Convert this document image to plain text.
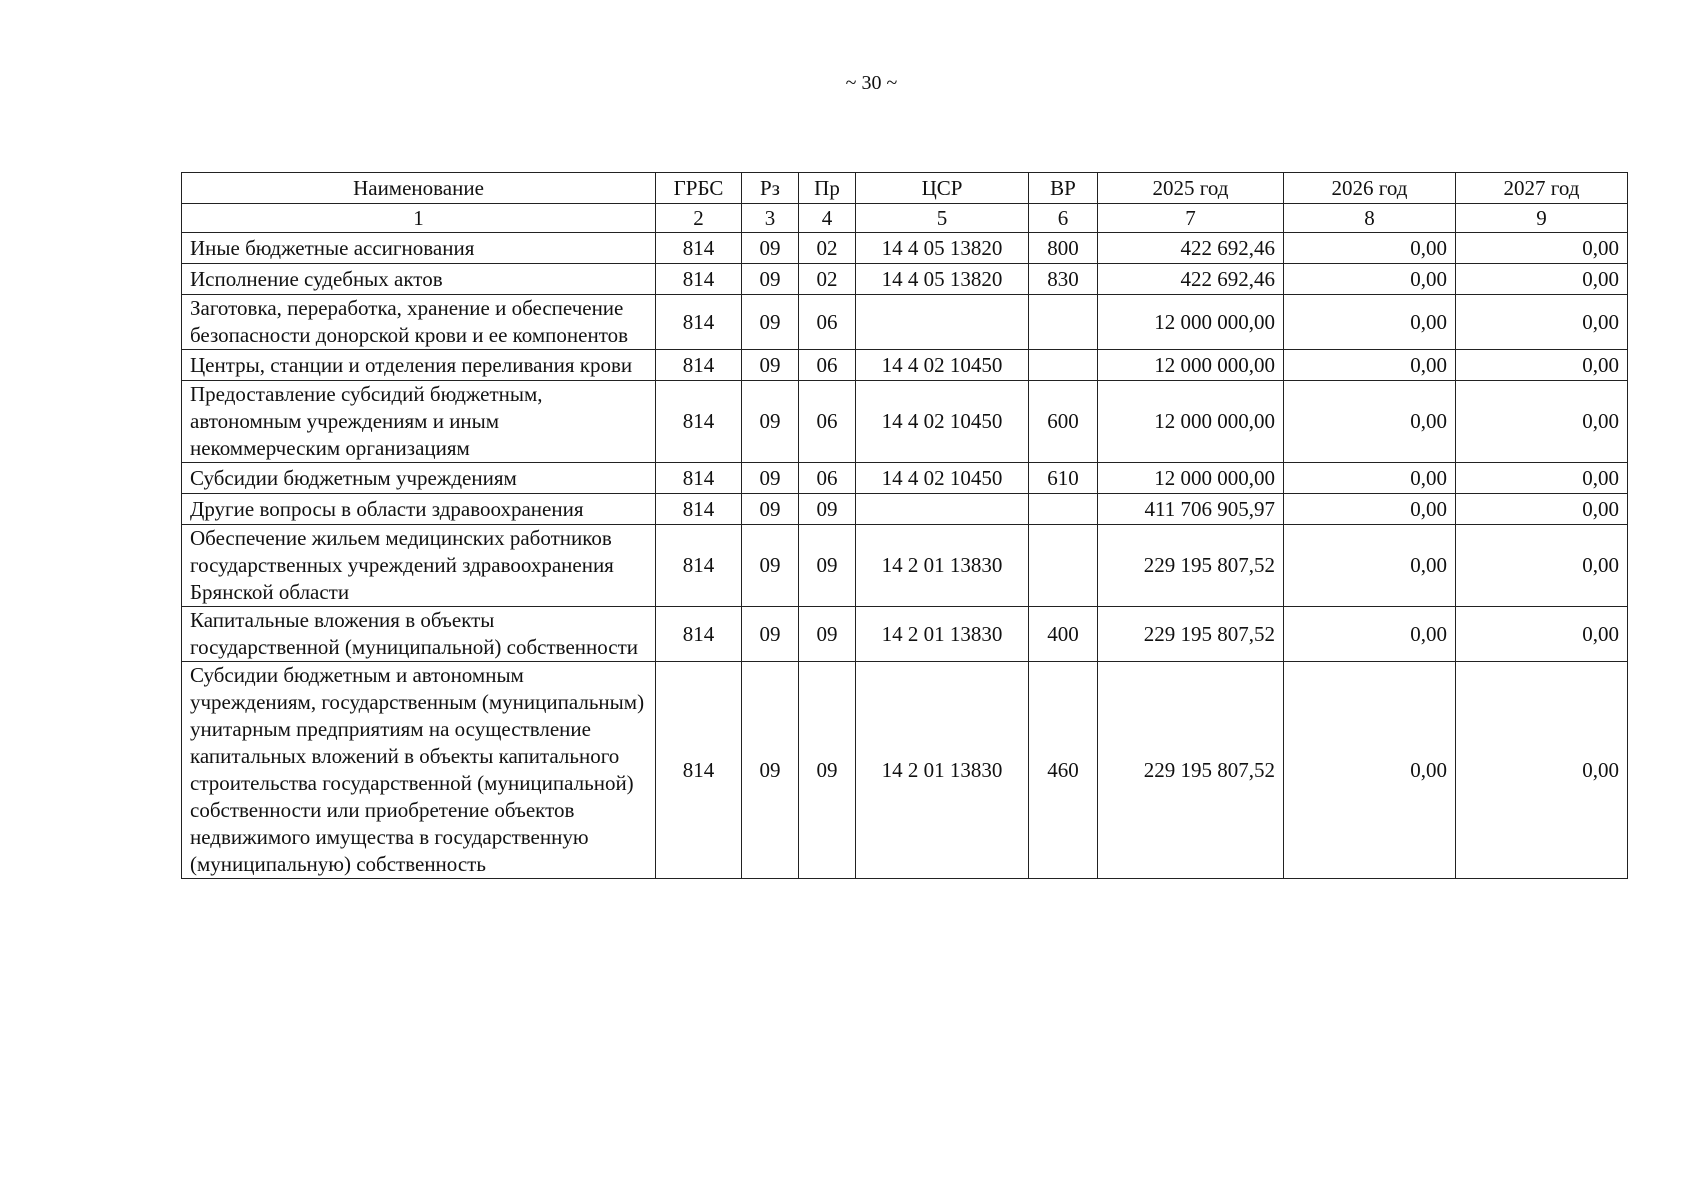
~ 30 ~
Наименование	ГРБС	Рз	Пр	ЦСР	ВР	2025 год	2026 год	2027 год
1	2	3	4	5	6	7	8	9
Иные бюджетные ассигнования	814	09	02	14 4 05 13820	800	422 692,46	0,00	0,00
Исполнение судебных актов	814	09	02	14 4 05 13820	830	422 692,46	0,00	0,00
Заготовка, переработка, хранение и обеспечение безопасности донорской крови и ее компонентов	814	09	06			12 000 000,00	0,00	0,00
Центры, станции и отделения переливания крови	814	09	06	14 4 02 10450		12 000 000,00	0,00	0,00
Предоставление субсидий бюджетным, автономным учреждениям и иным некоммерческим организациям	814	09	06	14 4 02 10450	600	12 000 000,00	0,00	0,00
Субсидии бюджетным учреждениям	814	09	06	14 4 02 10450	610	12 000 000,00	0,00	0,00
Другие вопросы в области здравоохранения	814	09	09			411 706 905,97	0,00	0,00
Обеспечение жильем медицинских работников государственных учреждений здравоохранения Брянской области	814	09	09	14 2 01 13830		229 195 807,52	0,00	0,00
Капитальные вложения в объекты государственной (муниципальной) собственности	814	09	09	14 2 01 13830	400	229 195 807,52	0,00	0,00
Субсидии бюджетным и автономным учреждениям, государственным (муниципальным) унитарным предприятиям на осуществление капитальных вложений в объекты капитального строительства государственной (муниципальной) собственности или приобретение объектов недвижимого имущества в государственную (муниципальную) собственность	814	09	09	14 2 01 13830	460	229 195 807,52	0,00	0,00
